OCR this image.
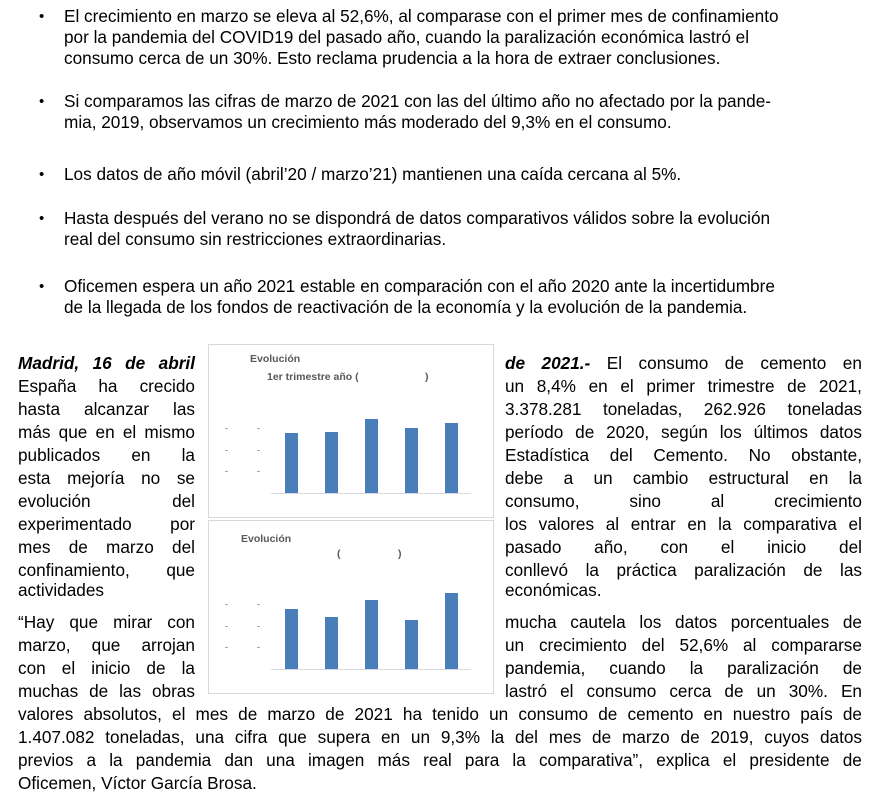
• El crecimiento en marzo se eleva al 52,6%, al comparase con el primer mes de confinamiento
por la pandemia del COVID19 del pasado año, cuando la paralización económica lastró el
consumo cerca de un 30%. Esto reclama prudencia a la hora de extraer conclusiones.
• Si comparamos las cifras de marzo de 2021 con las del último año no afectado por la pande-
mia, 2019, observamos un crecimiento más moderado del 9,3% en el consumo.
• Los datos de año móvil (abril’20 / marzo’21) mantienen una caída cercana al 5%.
• Hasta después del verano no se dispondrá de datos comparativos válidos sobre la evolución
real del consumo sin restricciones extraordinarias.
• Oficemen espera un año 2021 estable en comparación con el año 2020 ante la incertidumbre
de la llegada de los fondos de reactivación de la economía y la evolución de la pandemia.
Madrid, 16 de abril
España ha crecido
hasta alcanzar las
más que en el mismo
publicados en la
esta mejoría no se
evolución	del
experimentado por
mes de marzo del
confinamiento, que
actividades
“Hay que mirar con
marzo, que arrojan
con el inicio de la
muchas de las obras
de 2021.- El consumo de cemento en
un 8,4% en el primer trimestre de 2021,
3.378.281 toneladas, 262.926 toneladas
período de 2020, según los últimos datos
Estadística del Cemento. No obstante,
debe a un cambio estructural en la
consumo,	sino	al	crecimiento
los valores al entrar en la comparativa el
pasado año, con el inicio del
conllevó la práctica paralización de las
económicas.
mucha cautela los datos porcentuales de
un crecimiento del 52,6% al compararse
pandemia, cuando la paralización de
lastró el consumo cerca de un 30%. En
Evolución
1er trimestre año (	)
Evolución
(	)
valores absolutos, el mes de marzo de 2021 ha tenido un consumo de cemento en nuestro país de
1.407.082 toneladas, una cifra que supera en un 9,3% la del mes de marzo de 2019, cuyos datos
previos a la pandemia dan una imagen más real para la comparativa”, explica el presidente de
Oficemen, Víctor García Brosa.
